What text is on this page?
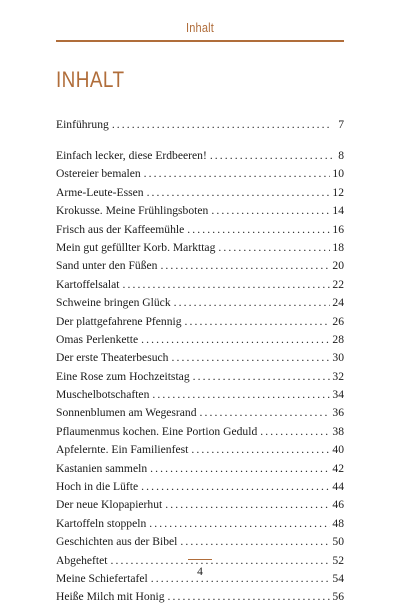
Inhalt
INHALT
Einführung . . .	7
Einfach lecker, diese Erdbeeren! . . .	8
Ostereier bemalen . . .	10
Arme-Leute-Essen . . .	12
Krokusse. Meine Frühlingsboten . . .	14
Frisch aus der Kaffeemühle . . .	16
Mein gut gefüllter Korb. Markttag . . .	18
Sand unter den Füßen . . .	20
Kartoffelsalat . . .	22
Schweine bringen Glück . . .	24
Der plattgefahrene Pfennig . . .	26
Omas Perlenkette . . .	28
Der erste Theaterbesuch . . .	30
Eine Rose zum Hochzeitstag . . .	32
Muschelbotschaften . . .	34
Sonnenblumen am Wegesrand . . .	36
Pflaumenmus kochen. Eine Portion Geduld . . .	38
Apfelernte. Ein Familienfest . . .	40
Kastanien sammeln . . .	42
Hoch in die Lüfte . . .	44
Der neue Klopapierhut . . .	46
Kartoffeln stoppeln . . .	48
Geschichten aus der Bibel . . .	50
Abgeheftet . . .	52
Meine Schiefertafel . . .	54
Heiße Milch mit Honig . . .	56
4
